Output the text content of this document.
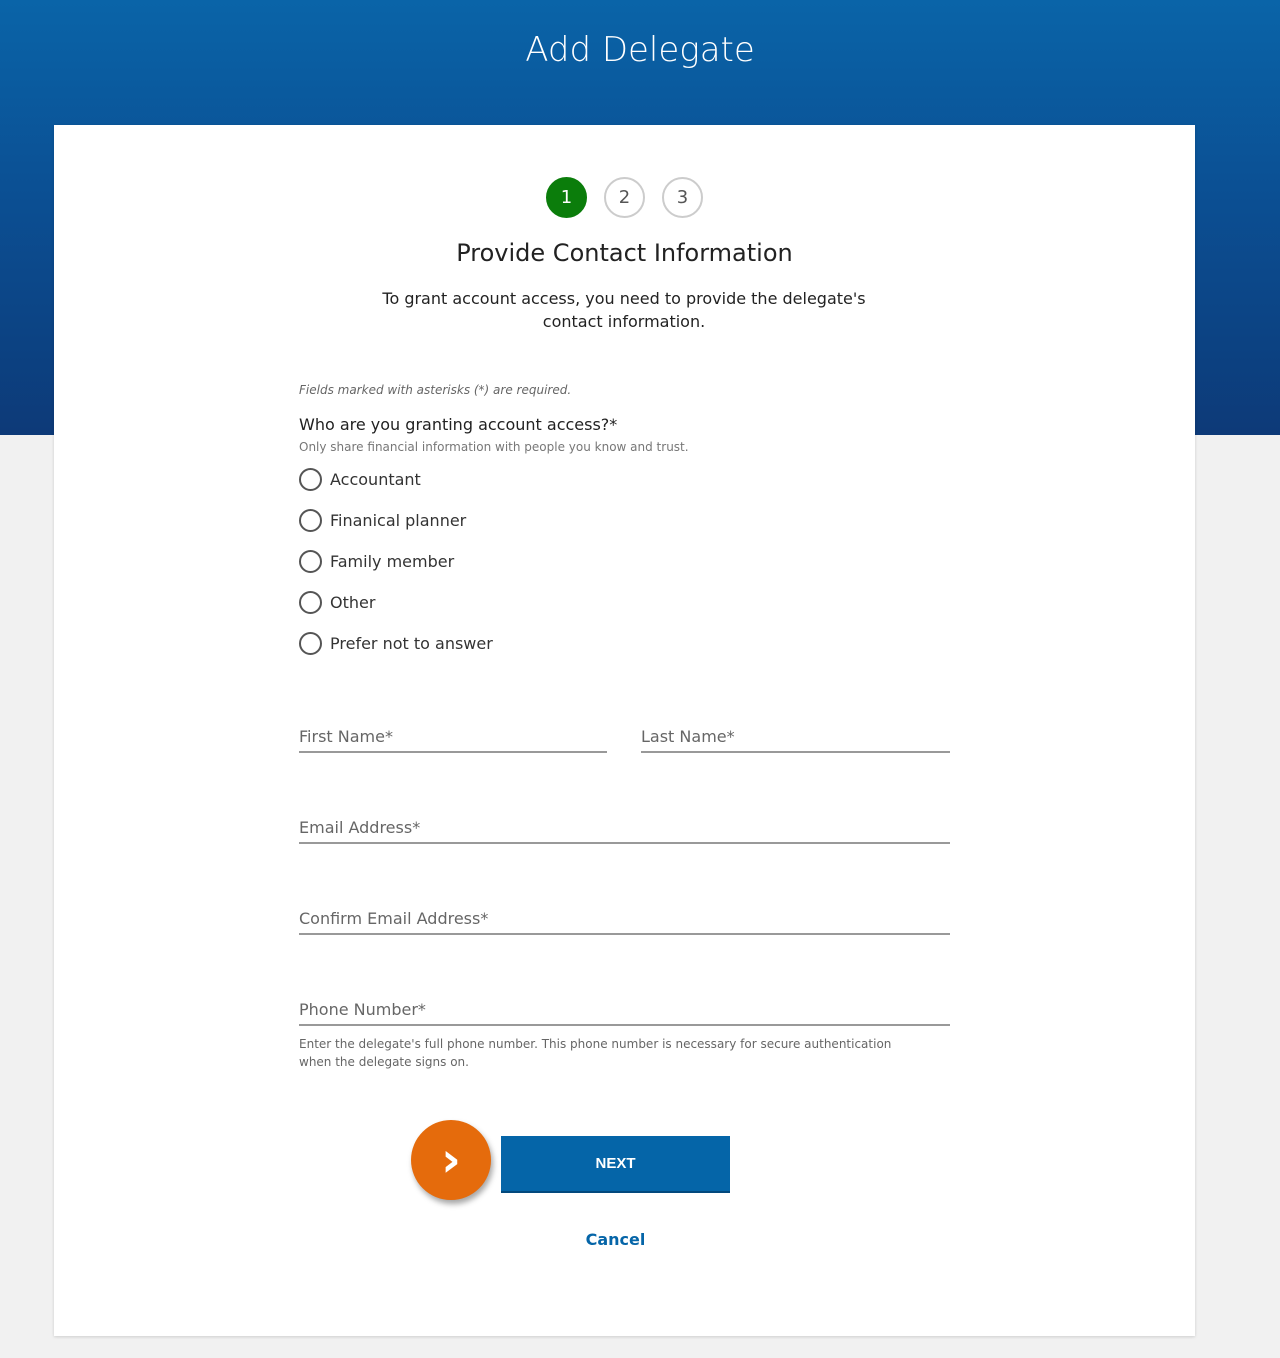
Add Delegate
1	2	3
Provide Contact Information
To grant account access, you need to provide the delegate's contact information.
Fields marked with asterisks (*) are required.
Who are you granting account access?*
Only share financial information with people you know and trust.
Accountant
Finanical planner
Family member
Other
Prefer not to answer
First Name*	Last Name*
Email Address*
Confirm Email Address*
Phone Number*
Enter the delegate's full phone number. This phone number is necessary for secure authentication when the delegate signs on.
›	NEXT
Cancel
